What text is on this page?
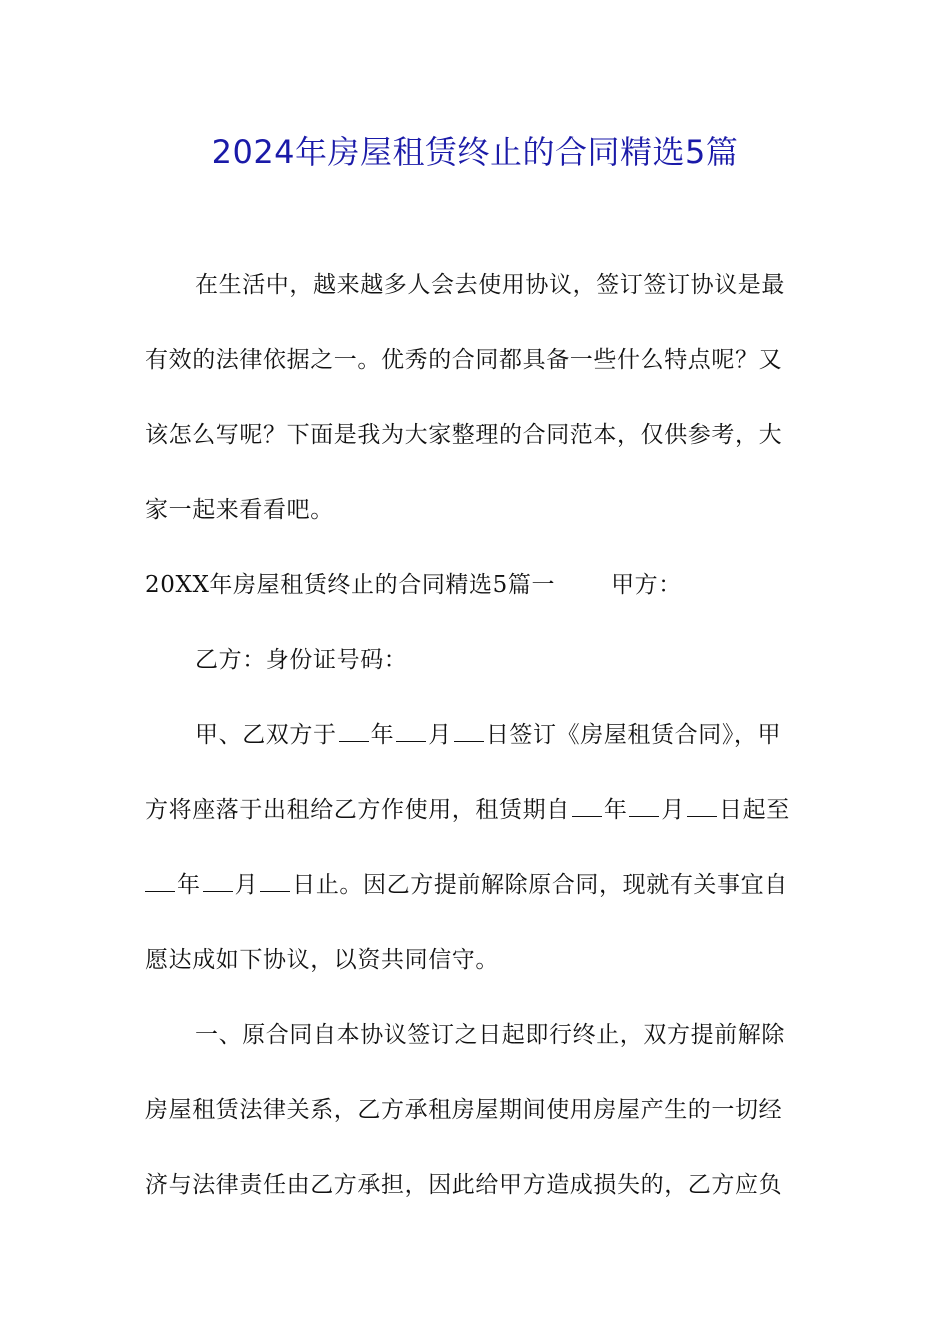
2024年房屋租赁终止的合同精选5篇
在生活中，越来越多人会去使用协议，签订签订协议是最
有效的法律依据之一。优秀的合同都具备一些什么特点呢？又
该怎么写呢？下面是我为大家整理的合同范本，仅供参考，大
家一起来看看吧。
20XX年房屋租赁终止的合同精选5篇一 甲方：
乙方：身份证号码：
甲、乙双方于 年 月 日签订《房屋租赁合同》，甲
方将座落于出租给乙方作使用，租赁期自 年 月 日起至
年 月 日止。因乙方提前解除原合同，现就有关事宜自
愿达成如下协议，以资共同信守。
一、原合同自本协议签订之日起即行终止，双方提前解除
房屋租赁法律关系，乙方承租房屋期间使用房屋产生的一切经
济与法律责任由乙方承担，因此给甲方造成损失的，乙方应负
